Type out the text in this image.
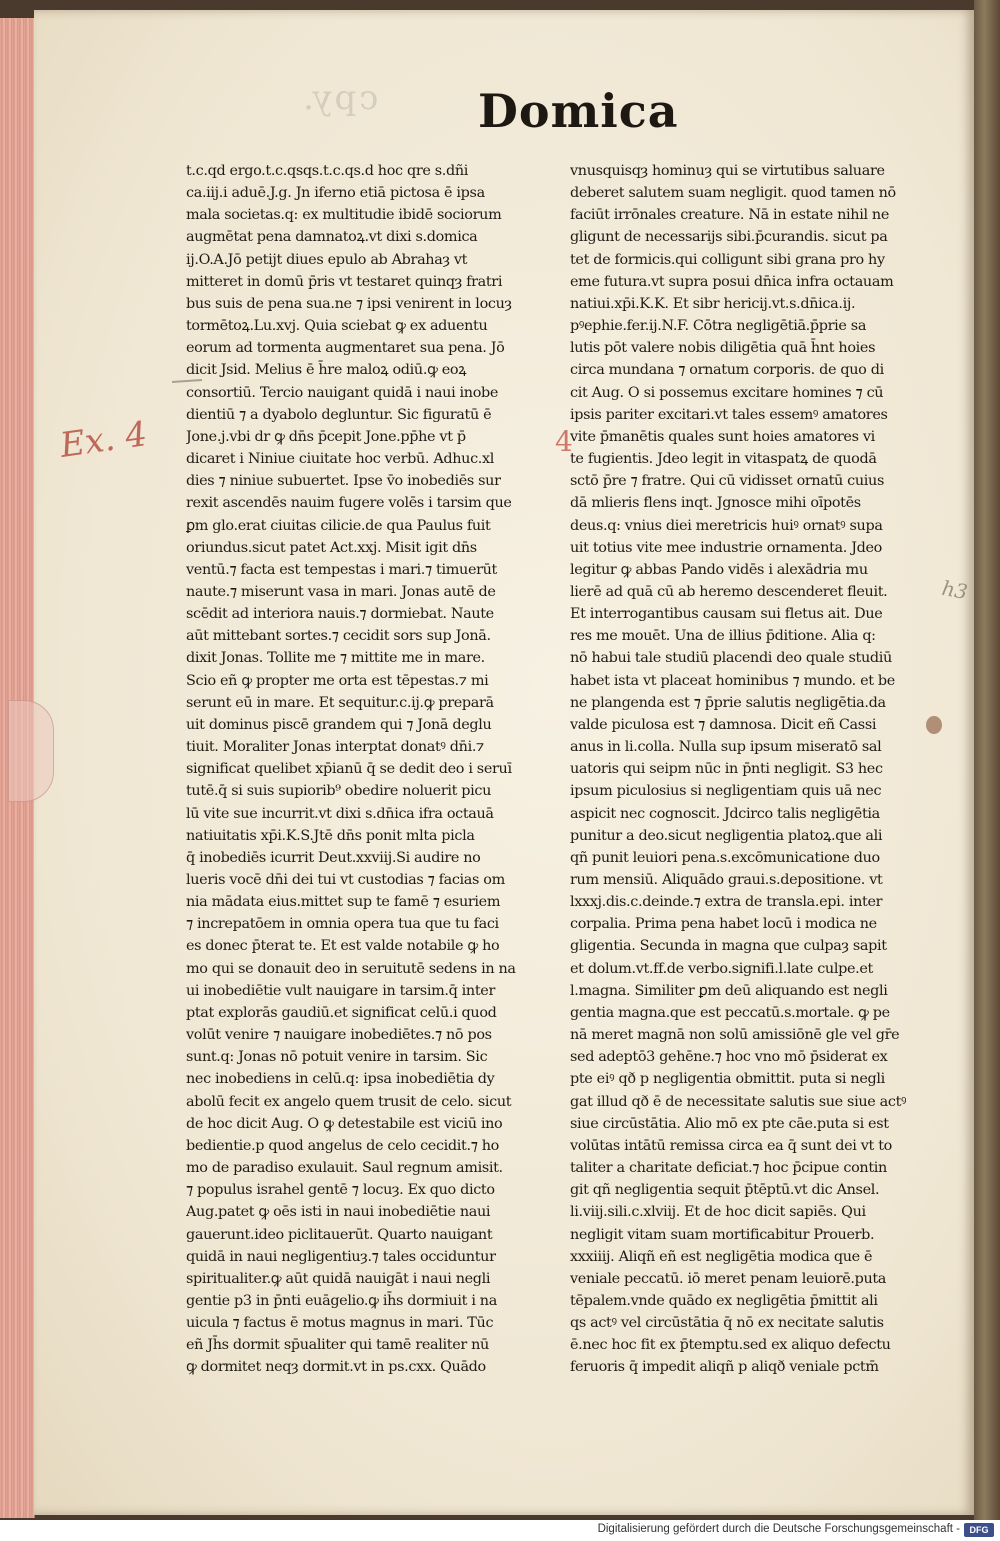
cpy. Domica
Ex. 4	4
h3
t.c.qd ergo.t.c.qsqs.t.c.qs.d hoc qre s.dñi
ca.iij.i aduē.J.g. Jn iferno etiā pictosa ē ipsa
mala societas.q: ex multitudie ibidē sociorum
augmētat pena damnatoꝝ.vt dixi s.domica
ij.O.A.Jō petijt diues epulo ab Abrahaȝ vt
mitteret in domū p̄ris vt testaret quinqȝ fratri
bus suis de pena sua.ne ⁊ ipsi venirent in locuȝ
tormētoꝝ.Lu.xvj. Quia sciebat ꝙ ex aduentu
eorum ad tormenta augmentaret sua pena. Jō
dicit Jsid. Melius ē h̄re maloꝝ odiū.ꝙ eoꝝ
consortiū. Tercio nauigant quidā i naui inobe
dientiū ⁊ a dyabolo degluntur. Sic figuratū ē
Jone.j.vbi dr ꝙ dn̄s p̄cepit Jone.pp̄he vt p̄
dicaret i Niniue ciuitate hoc verbū. Adhuc.xl
dies ⁊ niniue subuertet. Ipse v̄o inobediēs sur
rexit ascendēs nauim fugere volēs i tarsim que
ꝑm glo.erat ciuitas cilicie.de qua Paulus fuit
oriundus.sicut patet Act.xxj. Misit igit dn̄s
ventū.⁊ facta est tempestas i mari.⁊ timuerūt
naute.⁊ miserunt vasa in mari. Jonas autē de
scēdit ad interiora nauis.⁊ dormiebat. Naute
aūt mittebant sortes.⁊ cecidit sors sup Jonā.
dixit Jonas. Tollite me ⁊ mittite me in mare.
Scio eñ ꝙ propter me orta est tēpestas.⁊ mi
serunt eū in mare. Et sequitur.c.ij.ꝙ preparā
uit dominus piscē grandem qui ⁊ Jonā deglu
tiuit. Moraliter Jonas interptat donatꝰ dn̄i.⁊
significat quelibet xp̄ianū q̄ se dedit deo i seruī
tutē.q̄ si suis supiorib⁹ obedire noluerit picu
lū vite sue incurrit.vt dixi s.dn̄ica ifra octauā
natiuitatis xp̄i.K.S.Jtē dn̄s ponit mlta picla
q̄ inobediēs icurrit Deut.xxviij.Si audire no
lueris vocē dn̄i dei tui vt custodias ⁊ facias om
nia mādata eius.mittet sup te famē ⁊ esuriem
⁊ increpatōem in omnia opera tua que tu faci
es donec p̄terat te. Et est valde notabile ꝙ ho
mo qui se donauit deo in seruitutē sedens in na
ui inobediētie vult nauigare in tarsim.q̄ inter
ptat explorās gaudiū.et significat celū.i quod
volūt venire ⁊ nauigare inobediētes.⁊ nō pos
sunt.q: Jonas nō potuit venire in tarsim. Sic
nec inobediens in celū.q: ipsa inobediētia dy
abolū fecit ex angelo quem trusit de celo. sicut
de hoc dicit Aug. O ꝙ detestabile est viciū ino
bedientie.p quod angelus de celo cecidit.⁊ ho
mo de paradiso exulauit. Saul regnum amisit.
⁊ populus israhel gentē ⁊ locuȝ. Ex quo dicto
Aug.patet ꝙ oēs isti in naui inobediētie naui
gauerunt.ideo piclitauerūt. Quarto nauigant
quidā in naui negligentiuȝ.⁊ tales occiduntur
spiritualiter.ꝙ aūt quidā nauigāt i naui negli
gentie p3 in p̄nti euāgelio.ꝙ ih̄s dormiuit i na
uicula ⁊ factus ē motus magnus in mari. Tūc
eñ Jh̄s dormit sp̄ualiter qui tamē realiter nū
ꝙ dormitet neqȝ dormit.vt in ps.cxx. Quādo
vnusquisqȝ hominuȝ qui se virtutibus saluare
deberet salutem suam negligit. quod tamen nō
faciūt irrōnales creature. Nā in estate nihil ne
gligunt de necessarijs sibi.p̄curandis. sicut pa
tet de formicis.qui colligunt sibi grana pro hy
eme futura.vt supra posui dn̄ica infra octauam
natiui.xp̄i.K.K. Et sibr hericij.vt.s.dn̄ica.ij.
pꝰephie.fer.ij.N.F. Cōtra negligētiā.p̄prie sa
lutis pōt valere nobis diligētia quā h̄nt hoies
circa mundana ⁊ ornatum corporis. de quo di
cit Aug. O si possemus excitare homines ⁊ cū
ipsis pariter excitari.vt tales essemꝰ amatores
vite p̄manētis quales sunt hoies amatores vi
te fugientis. Jdeo legit in vitaspatꝝ de quodā
sctō p̄re ⁊ fratre. Qui cū vidisset ornatū cuius
dā mlieris flens inqt. Jgnosce mihi oīpotēs
deus.q: vnius diei meretricis huiꝰ ornatꝰ supa
uit totius vite mee industrie ornamenta. Jdeo
legitur ꝙ abbas Pando vidēs i alexādria mu
lierē ad quā cū ab heremo descenderet fleuit.
Et interrogantibus causam sui fletus ait. Due
res me mouēt. Una de illius p̄ditione. Alia q:
nō habui tale studiū placendi deo quale studiū
habet ista vt placeat hominibus ⁊ mundo. et be
ne plangenda est ⁊ p̄prie salutis negligētia.da
valde piculosa est ⁊ damnosa. Dicit eñ Cassi
anus in li.colla. Nulla sup ipsum miseratō sal
uatoris qui seipm nūc in p̄nti negligit. S3 hec
ipsum piculosius si negligentiam quis uā nec
aspicit nec cognoscit. Jdcirco talis negligētia
punitur a deo.sicut negligentia platoꝝ.que ali
qñ punit leuiori pena.s.excōmunicatione duo
rum mensiū. Aliquādo graui.s.depositione. vt
lxxxj.dis.c.deinde.⁊ extra de transla.epi. inter
corpalia. Prima pena habet locū i modica ne
gligentia. Secunda in magna que culpaȝ sapit
et dolum.vt.ff.de verbo.signifi.l.late culpe.et
l.magna. Similiter ꝑm deū aliquando est negli
gentia magna.que est peccatū.s.mortale. ꝙ pe
nā meret magnā non solū amissiōnē gle vel gr̄e
sed adeptō3 gehēne.⁊ hoc vno mō p̄siderat ex
pte eiꝰ qð p negligentia obmittit. puta si negli
gat illud qð ē de necessitate salutis sue siue actꝰ
siue circūstātia. Alio mō ex pte cāe.puta si est
volūtas intātū remissa circa ea q̄ sunt dei vt to
taliter a charitate deficiat.⁊ hoc p̄cipue contin
git qñ negligentia sequit p̄tēptū.vt dic Ansel.
li.viij.sili.c.xlviij. Et de hoc dicit sapiēs. Qui
negligit vitam suam mortificabitur Prouerb.
xxxiiij. Aliqñ eñ est negligētia modica que ē
veniale peccatū. iō meret penam leuiorē.puta
tēpalem.vnde quādo ex negligētia p̄mittit ali
qs actꝰ vel circūstātia q̄ nō ex necitate salutis
ē.nec hoc fit ex p̄temptu.sed ex aliquo defectu
feruoris q̄ impedit aliqñ p aliqð veniale pctm̄
Digitalisierung gefördert durch die Deutsche Forschungsgemeinschaft -	DFG
